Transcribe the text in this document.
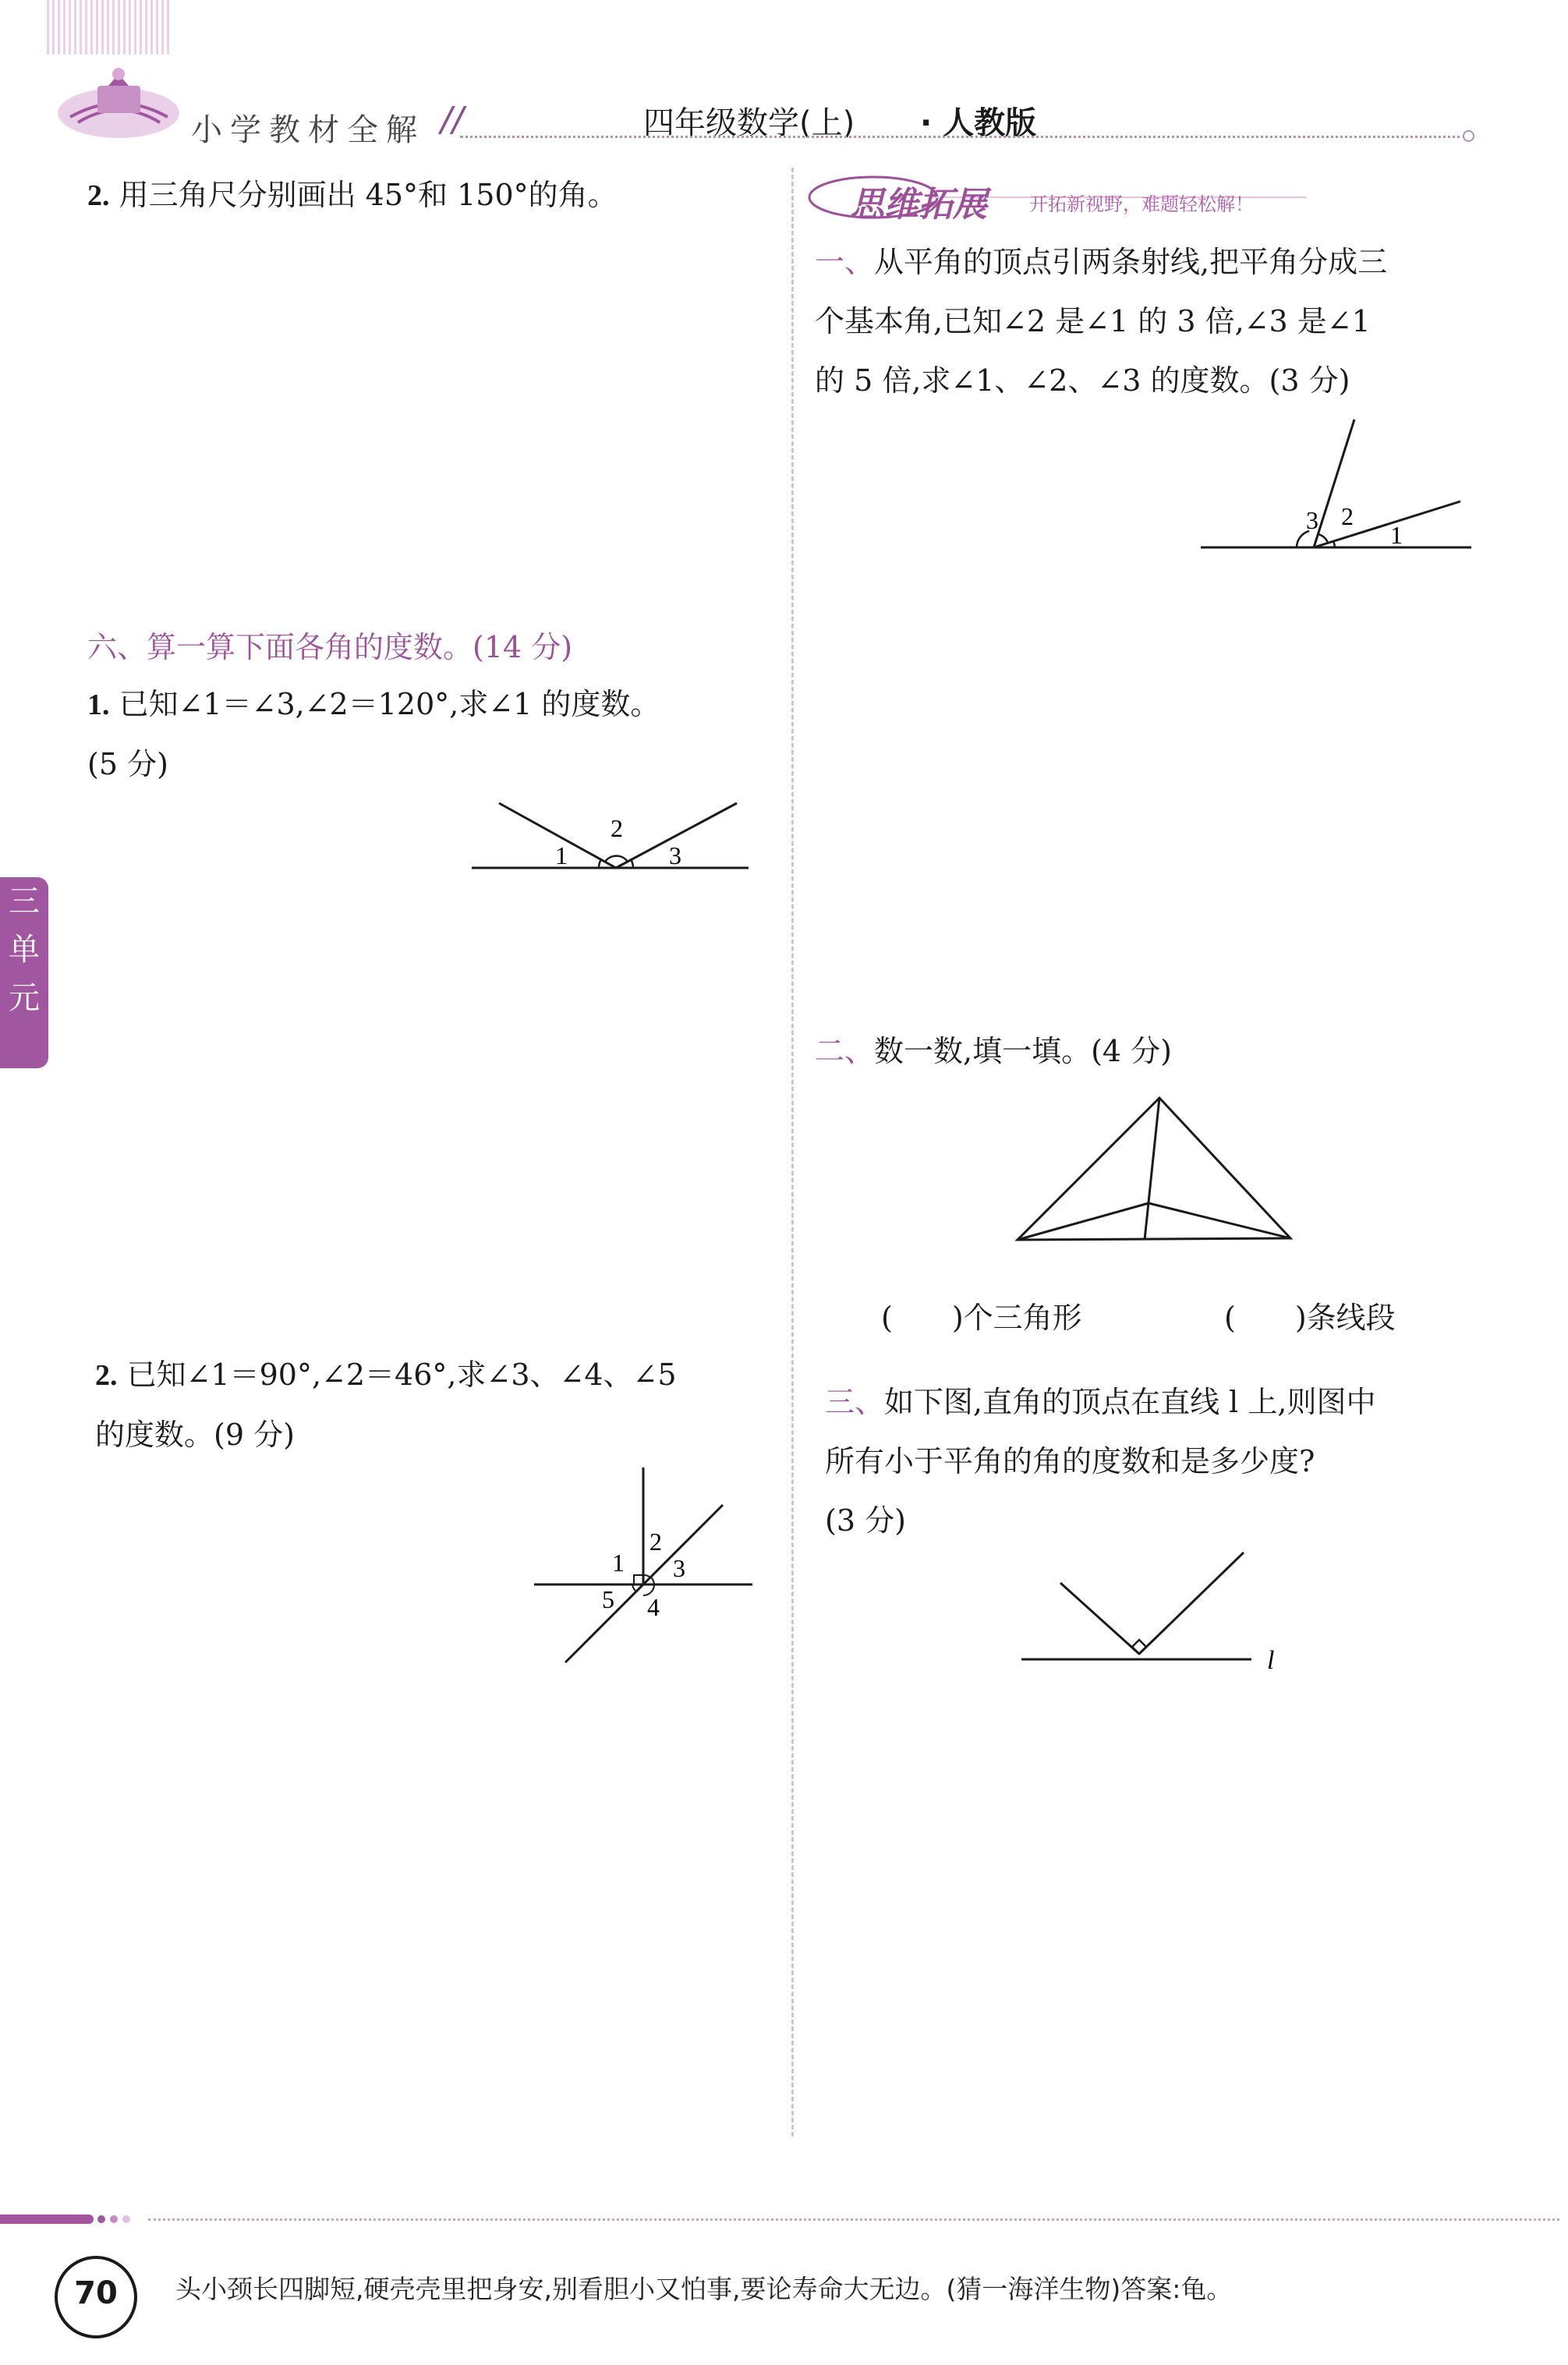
小学教材全解 //	四年级数学(上) · 人教版
三
单
元
2. 用三角尺分别画出 45°和 150°的角。
六、算一算下面各角的度数。(14 分)
1. 已知∠1＝∠3,∠2＝120°,求∠1 的度数。
(5 分)
2
1	3
2. 已知∠1＝90°,∠2＝46°,求∠3、∠4、∠5
的度数。(9 分)
1
2
3
5 4
思维拓展 开拓新视野，难题轻松解！
一、从平角的顶点引两条射线,把平角分成三
个基本角,已知∠2 是∠1 的 3 倍,∠3 是∠1
的 5 倍,求∠1、∠2、∠3 的度数。(3 分)
3 2
1
二、数一数,填一填。(4 分)
(　　)个三角形	(　　)条线段
三、如下图,直角的顶点在直线 l 上,则图中
所有小于平角的角的度数和是多少度?
(3 分)
l
70	头小颈长四脚短,硬壳壳里把身安,别看胆小又怕事,要论寿命大无边。(猜一海洋生物)答案:龟。
